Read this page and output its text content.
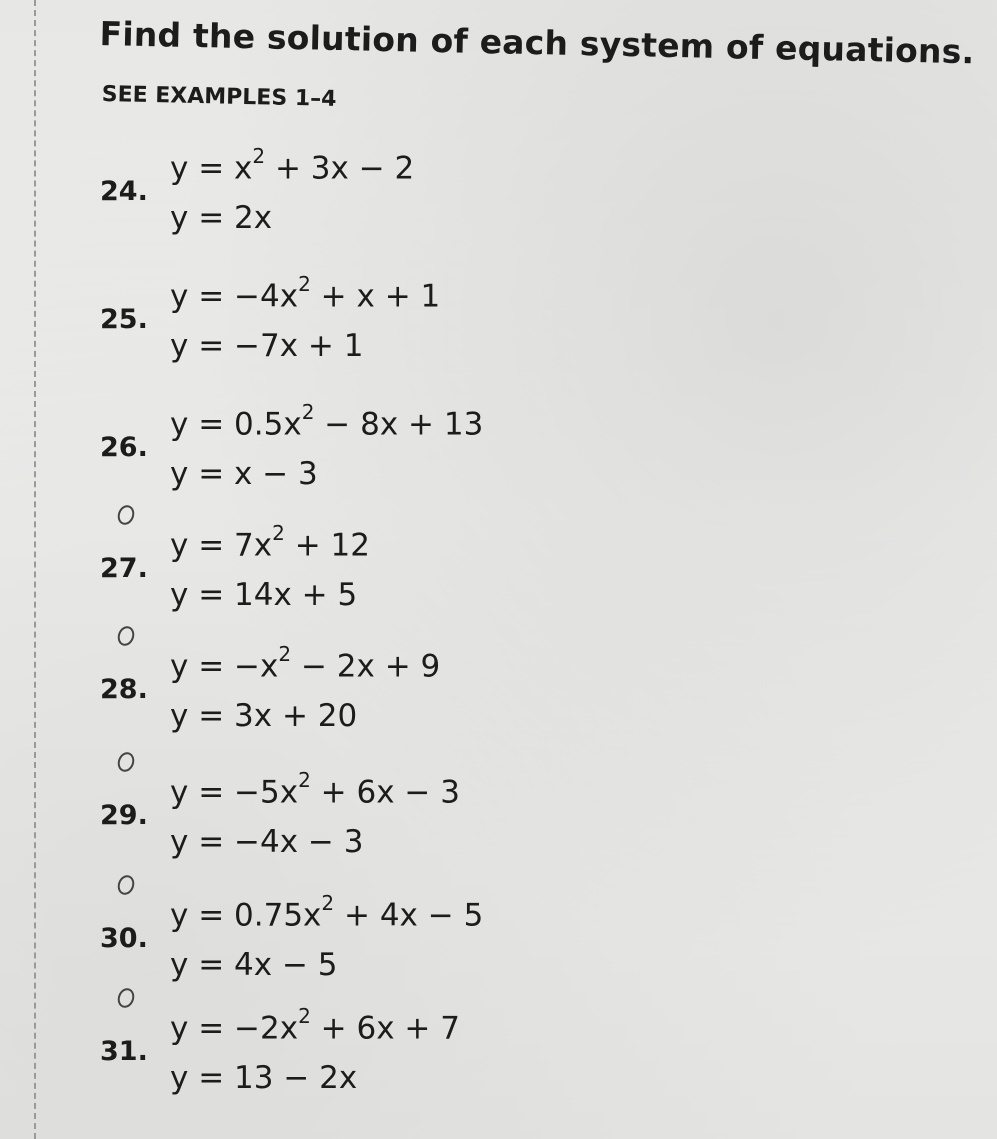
Find the solution of each system of equations.
SEE EXAMPLES 1–4
24.
$y = x^2 + 3x - 2$
y = 2x
25.
$y = -4x^2 + x + 1$
y = −7x + 1
26.
$y = 0.5x^2 - 8x + 13$
y = x − 3
27.
$y = 7x^2 + 12$
y = 14x + 5
28.
$y = -x^2 - 2x + 9$
y = 3x + 20
29.
$y = -5x^2 + 6x - 3$
y = −4x − 3
30.
$y = 0.75x^2 + 4x - 5$
y = 4x − 5
31.
$y = -2x^2 + 6x + 7$
y = 13 − 2x
